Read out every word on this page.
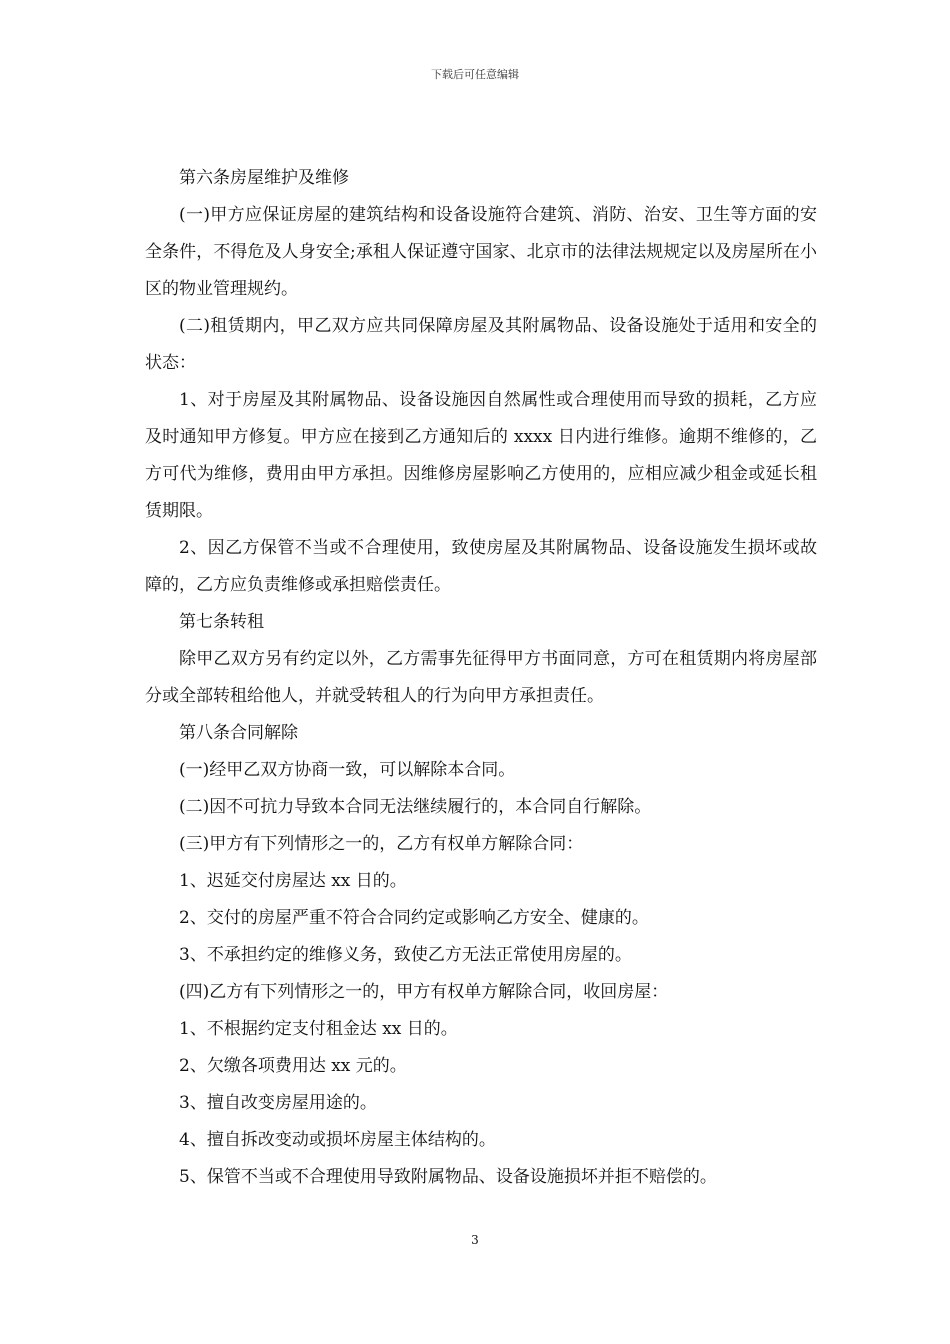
下载后可任意编辑

第六条房屋维护及维修

(一)甲方应保证房屋的建筑结构和设备设施符合建筑、消防、治安、卫生等方面的安全条件，不得危及人身安全;承租人保证遵守国家、北京市的法律法规规定以及房屋所在小区的物业管理规约。

(二)租赁期内，甲乙双方应共同保障房屋及其附属物品、设备设施处于适用和安全的状态：

1、对于房屋及其附属物品、设备设施因自然属性或合理使用而导致的损耗，乙方应及时通知甲方修复。甲方应在接到乙方通知后的 xxxx 日内进行维修。逾期不维修的，乙方可代为维修，费用由甲方承担。因维修房屋影响乙方使用的，应相应减少租金或延长租赁期限。

2、因乙方保管不当或不合理使用，致使房屋及其附属物品、设备设施发生损坏或故障的，乙方应负责维修或承担赔偿责任。

第七条转租

除甲乙双方另有约定以外，乙方需事先征得甲方书面同意，方可在租赁期内将房屋部分或全部转租给他人，并就受转租人的行为向甲方承担责任。

第八条合同解除

(一)经甲乙双方协商一致，可以解除本合同。

(二)因不可抗力导致本合同无法继续履行的，本合同自行解除。

(三)甲方有下列情形之一的，乙方有权单方解除合同：

1、迟延交付房屋达 xx 日的。

2、交付的房屋严重不符合合同约定或影响乙方安全、健康的。

3、不承担约定的维修义务，致使乙方无法正常使用房屋的。

(四)乙方有下列情形之一的，甲方有权单方解除合同，收回房屋：

1、不根据约定支付租金达 xx 日的。

2、欠缴各项费用达 xx 元的。

3、擅自改变房屋用途的。

4、擅自拆改变动或损坏房屋主体结构的。

5、保管不当或不合理使用导致附属物品、设备设施损坏并拒不赔偿的。

3
